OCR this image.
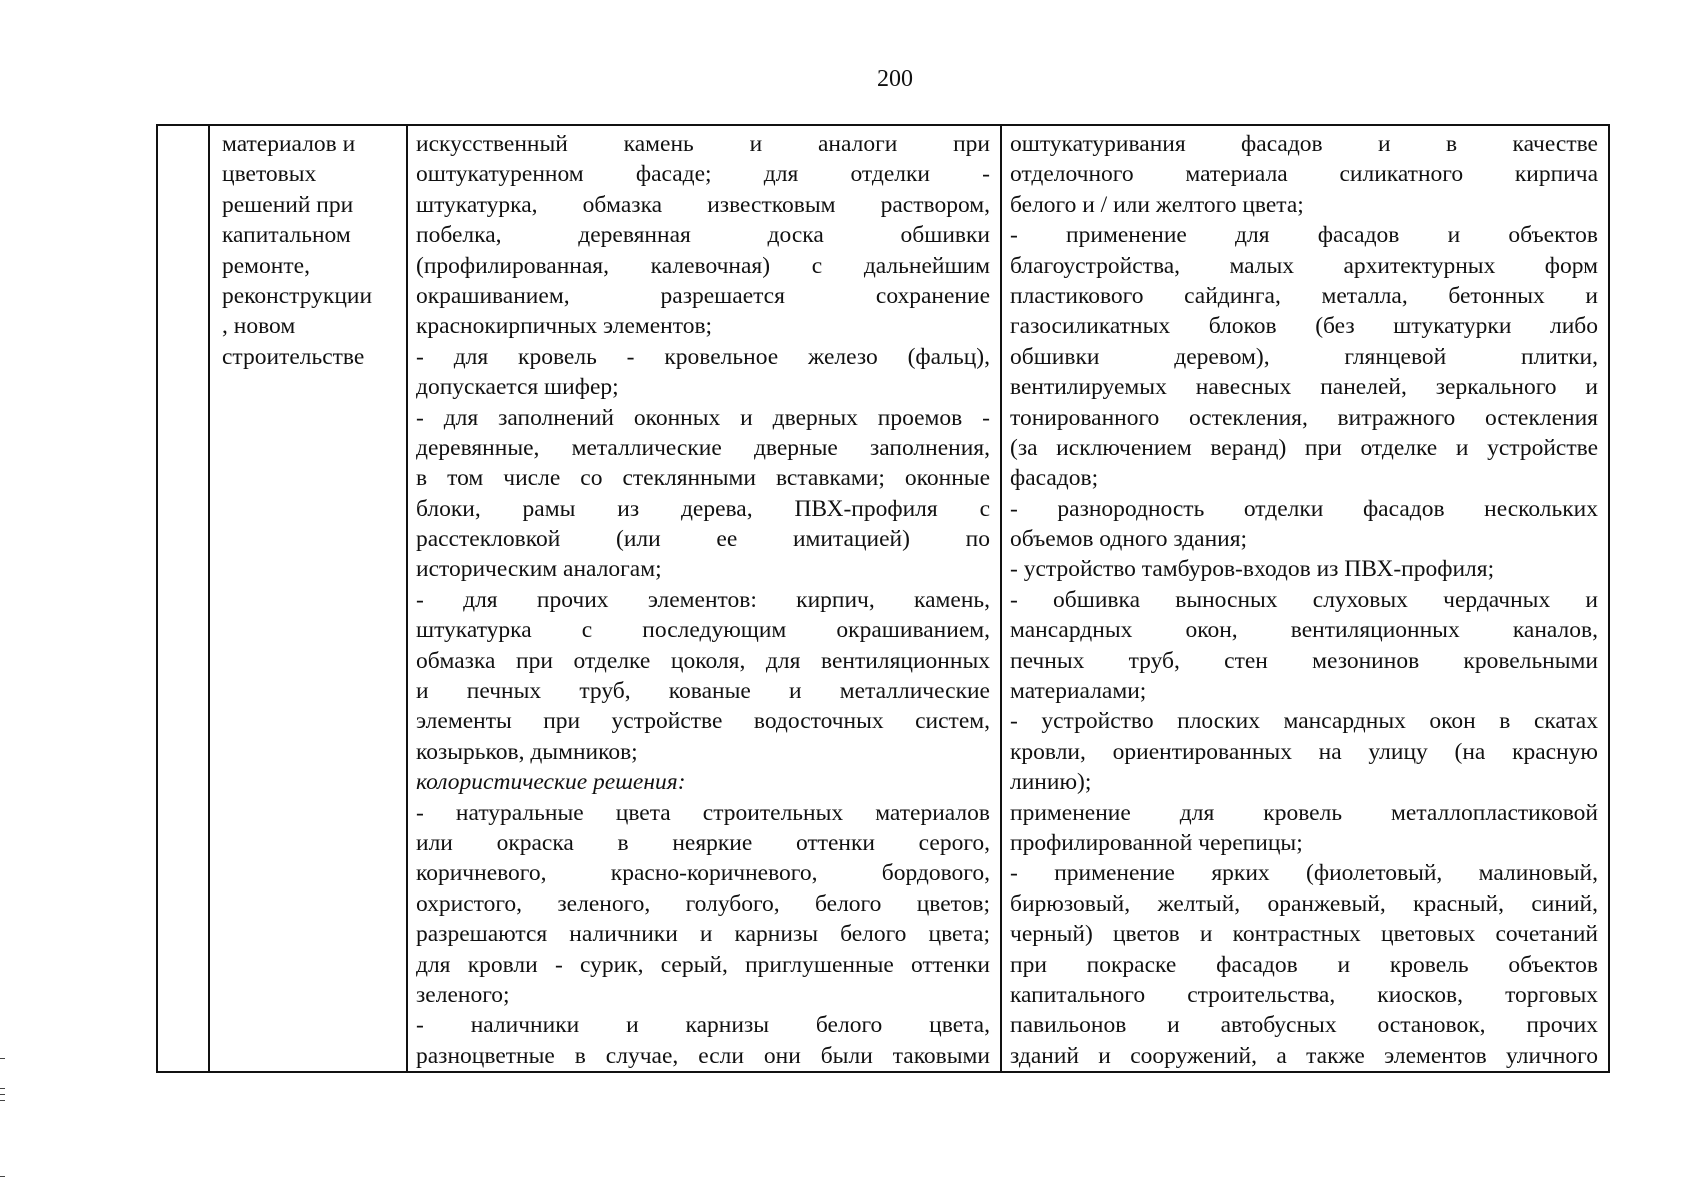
200

материалов и
цветовых
решений при
капитальном
ремонте,
реконструкции
, новом
строительстве

искусственный камень и аналоги при
оштукатуренном фасаде; для отделки -
штукатурка, обмазка известковым раствором,
побелка, деревянная доска обшивки
(профилированная, калевочная) с дальнейшим
окрашиванием, разрешается сохранение
краснокирпичных элементов;
- для кровель - кровельное железо (фальц),
допускается шифер;
- для заполнений оконных и дверных проемов -
деревянные, металлические дверные заполнения,
в том числе со стеклянными вставками; оконные
блоки, рамы из дерева, ПВХ-профиля с
расстекловкой (или ее имитацией) по
историческим аналогам;
- для прочих элементов: кирпич, камень,
штукатурка с последующим окрашиванием,
обмазка при отделке цоколя, для вентиляционных
и печных труб, кованые и металлические
элементы при устройстве водосточных систем,
козырьков, дымников;
колористические решения:
- натуральные цвета строительных материалов
или окраска в неяркие оттенки серого,
коричневого, красно-коричневого, бордового,
охристого, зеленого, голубого, белого цветов;
разрешаются наличники и карнизы белого цвета;
для кровли - сурик, серый, приглушенные оттенки
зеленого;
- наличники и карнизы белого цвета,
разноцветные в случае, если они были таковыми

оштукатуривания фасадов и в качестве
отделочного материала силикатного кирпича
белого и / или желтого цвета;
- применение для фасадов и объектов
благоустройства, малых архитектурных форм
пластикового сайдинга, металла, бетонных и
газосиликатных блоков (без штукатурки либо
обшивки деревом), глянцевой плитки,
вентилируемых навесных панелей, зеркального и
тонированного остекления, витражного остекления
(за исключением веранд) при отделке и устройстве
фасадов;
- разнородность отделки фасадов нескольких
объемов одного здания;
- устройство тамбуров-входов из ПВХ-профиля;
- обшивка выносных слуховых чердачных и
мансардных окон, вентиляционных каналов,
печных труб, стен мезонинов кровельными
материалами;
- устройство плоских мансардных окон в скатах
кровли, ориентированных на улицу (на красную
линию);
применение для кровель металлопластиковой
профилированной черепицы;
- применение ярких (фиолетовый, малиновый,
бирюзовый, желтый, оранжевый, красный, синий,
черный) цветов и контрастных цветовых сочетаний
при покраске фасадов и кровель объектов
капитального строительства, киосков, торговых
павильонов и автобусных остановок, прочих
зданий и сооружений, а также элементов уличного
